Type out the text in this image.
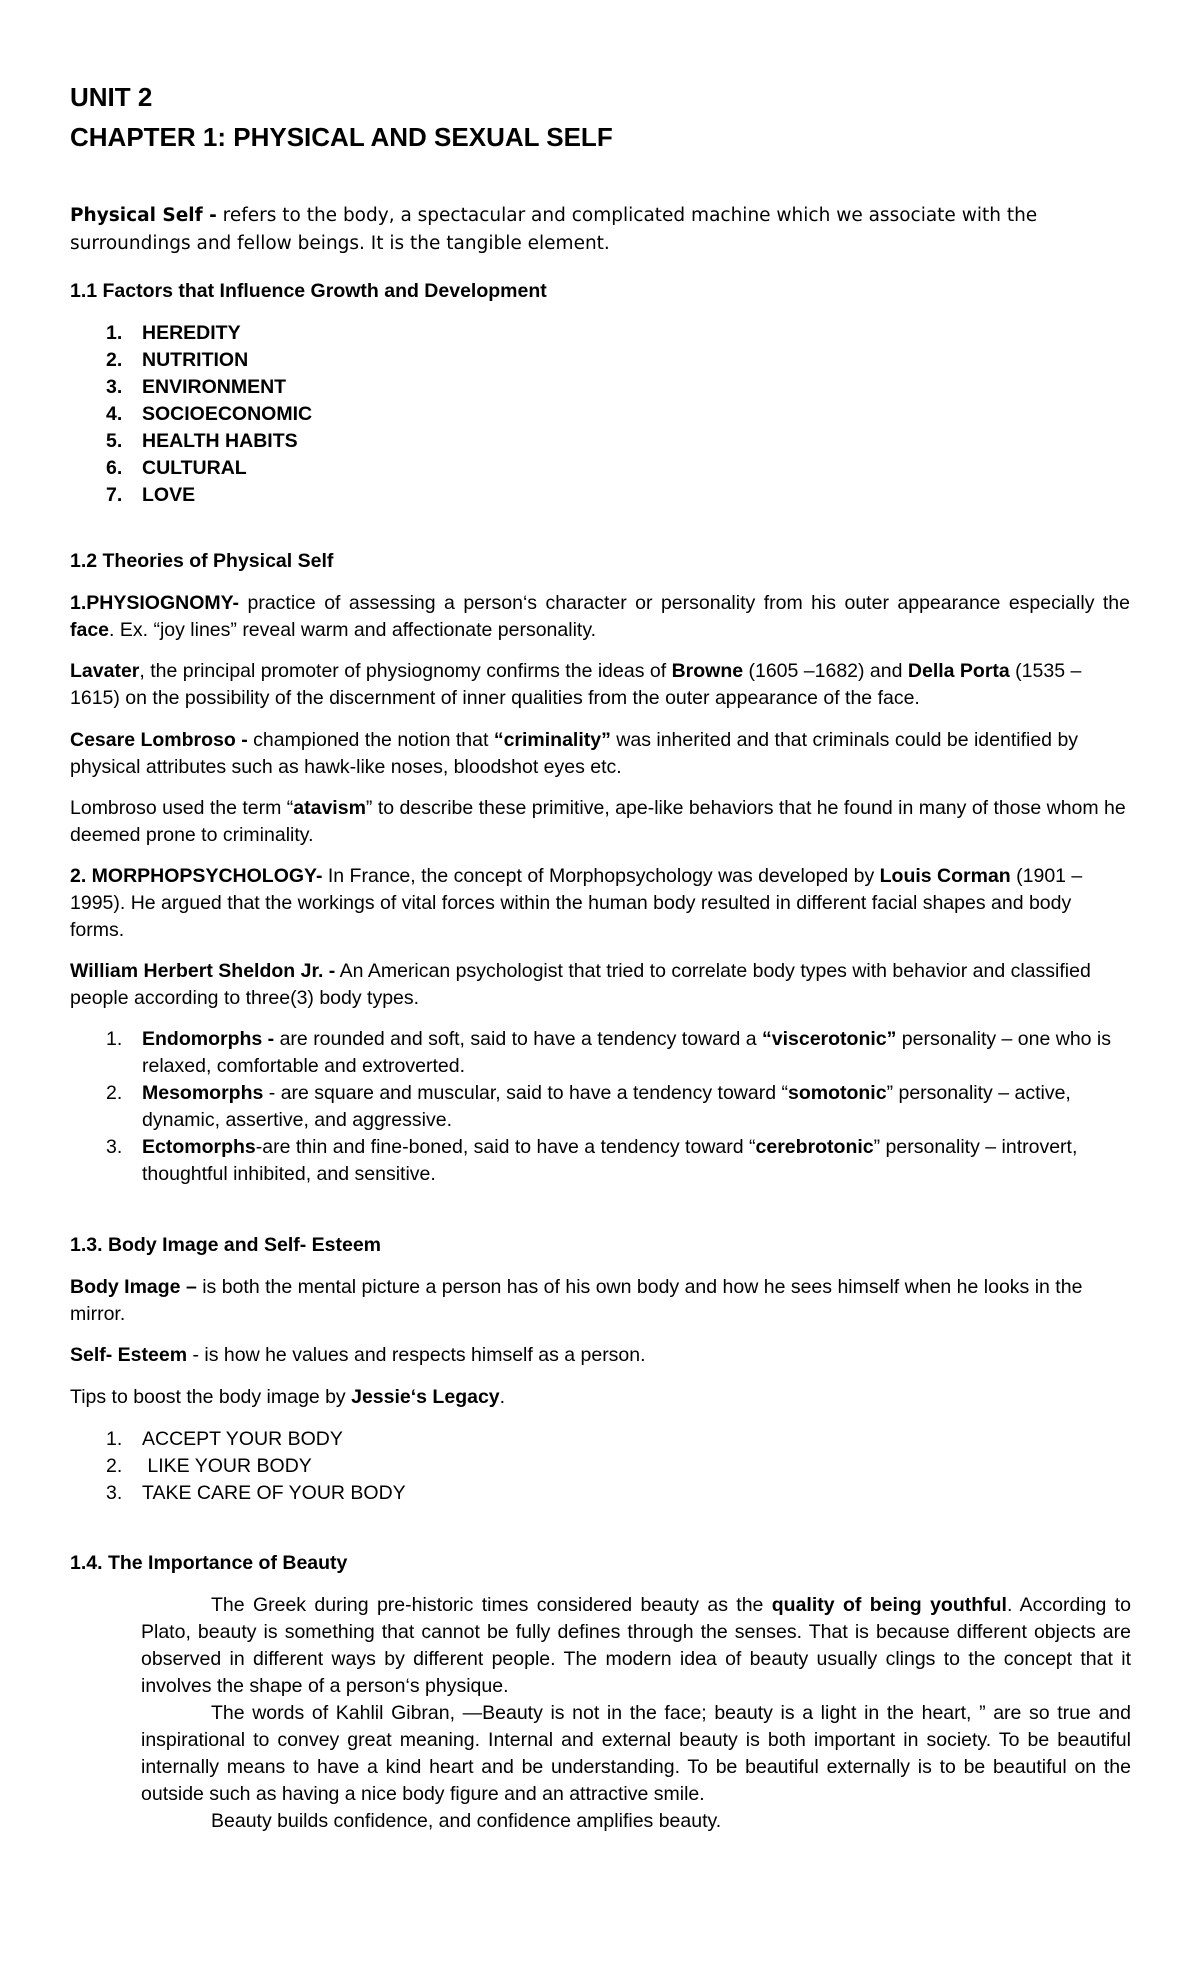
UNIT 2
CHAPTER 1: PHYSICAL AND SEXUAL SELF
Physical Self - refers to the body, a spectacular and complicated machine which we associate with the surroundings and fellow beings. It is the tangible element.
1.1 Factors that Influence Growth and Development
1. HEREDITY
2. NUTRITION
3. ENVIRONMENT
4. SOCIOECONOMIC
5. HEALTH HABITS
6. CULTURAL
7. LOVE
1.2 Theories of Physical Self
1.PHYSIOGNOMY- practice of assessing a person‘s character or personality from his outer appearance especially the face. Ex. “joy lines” reveal warm and affectionate personality.
Lavater, the principal promoter of physiognomy confirms the ideas of Browne (1605 –1682) and Della Porta (1535 – 1615) on the possibility of the discernment of inner qualities from the outer appearance of the face.
Cesare Lombroso - championed the notion that “criminality” was inherited and that criminals could be identified by physical attributes such as hawk-like noses, bloodshot eyes etc.
Lombroso used the term “atavism” to describe these primitive, ape-like behaviors that he found in many of those whom he deemed prone to criminality.
2. MORPHOPSYCHOLOGY- In France, the concept of Morphopsychology was developed by Louis Corman (1901 – 1995). He argued that the workings of vital forces within the human body resulted in different facial shapes and body forms.
William Herbert Sheldon Jr. - An American psychologist that tried to correlate body types with behavior and classified people according to three(3) body types.
1. Endomorphs - are rounded and soft, said to have a tendency toward a “viscerotonic” personality – one who is relaxed, comfortable and extroverted.
2. Mesomorphs - are square and muscular, said to have a tendency toward “somotonic” personality – active, dynamic, assertive, and aggressive.
3. Ectomorphs-are thin and fine-boned, said to have a tendency toward “cerebrotonic” personality – introvert, thoughtful inhibited, and sensitive.
1.3. Body Image and Self- Esteem
Body Image – is both the mental picture a person has of his own body and how he sees himself when he looks in the mirror.
Self- Esteem - is how he values and respects himself as a person.
Tips to boost the body image by Jessie‘s Legacy.
1. ACCEPT YOUR BODY
2. LIKE YOUR BODY
3. TAKE CARE OF YOUR BODY
1.4. The Importance of Beauty
The Greek during pre-historic times considered beauty as the quality of being youthful. According to Plato, beauty is something that cannot be fully defines through the senses. That is because different objects are observed in different ways by different people. The modern idea of beauty usually clings to the concept that it involves the shape of a person‘s physique.
The words of Kahlil Gibran, ―Beauty is not in the face; beauty is a light in the heart, ” are so true and inspirational to convey great meaning. Internal and external beauty is both important in society. To be beautiful internally means to have a kind heart and be understanding. To be beautiful externally is to be beautiful on the outside such as having a nice body figure and an attractive smile.
Beauty builds confidence, and confidence amplifies beauty.
